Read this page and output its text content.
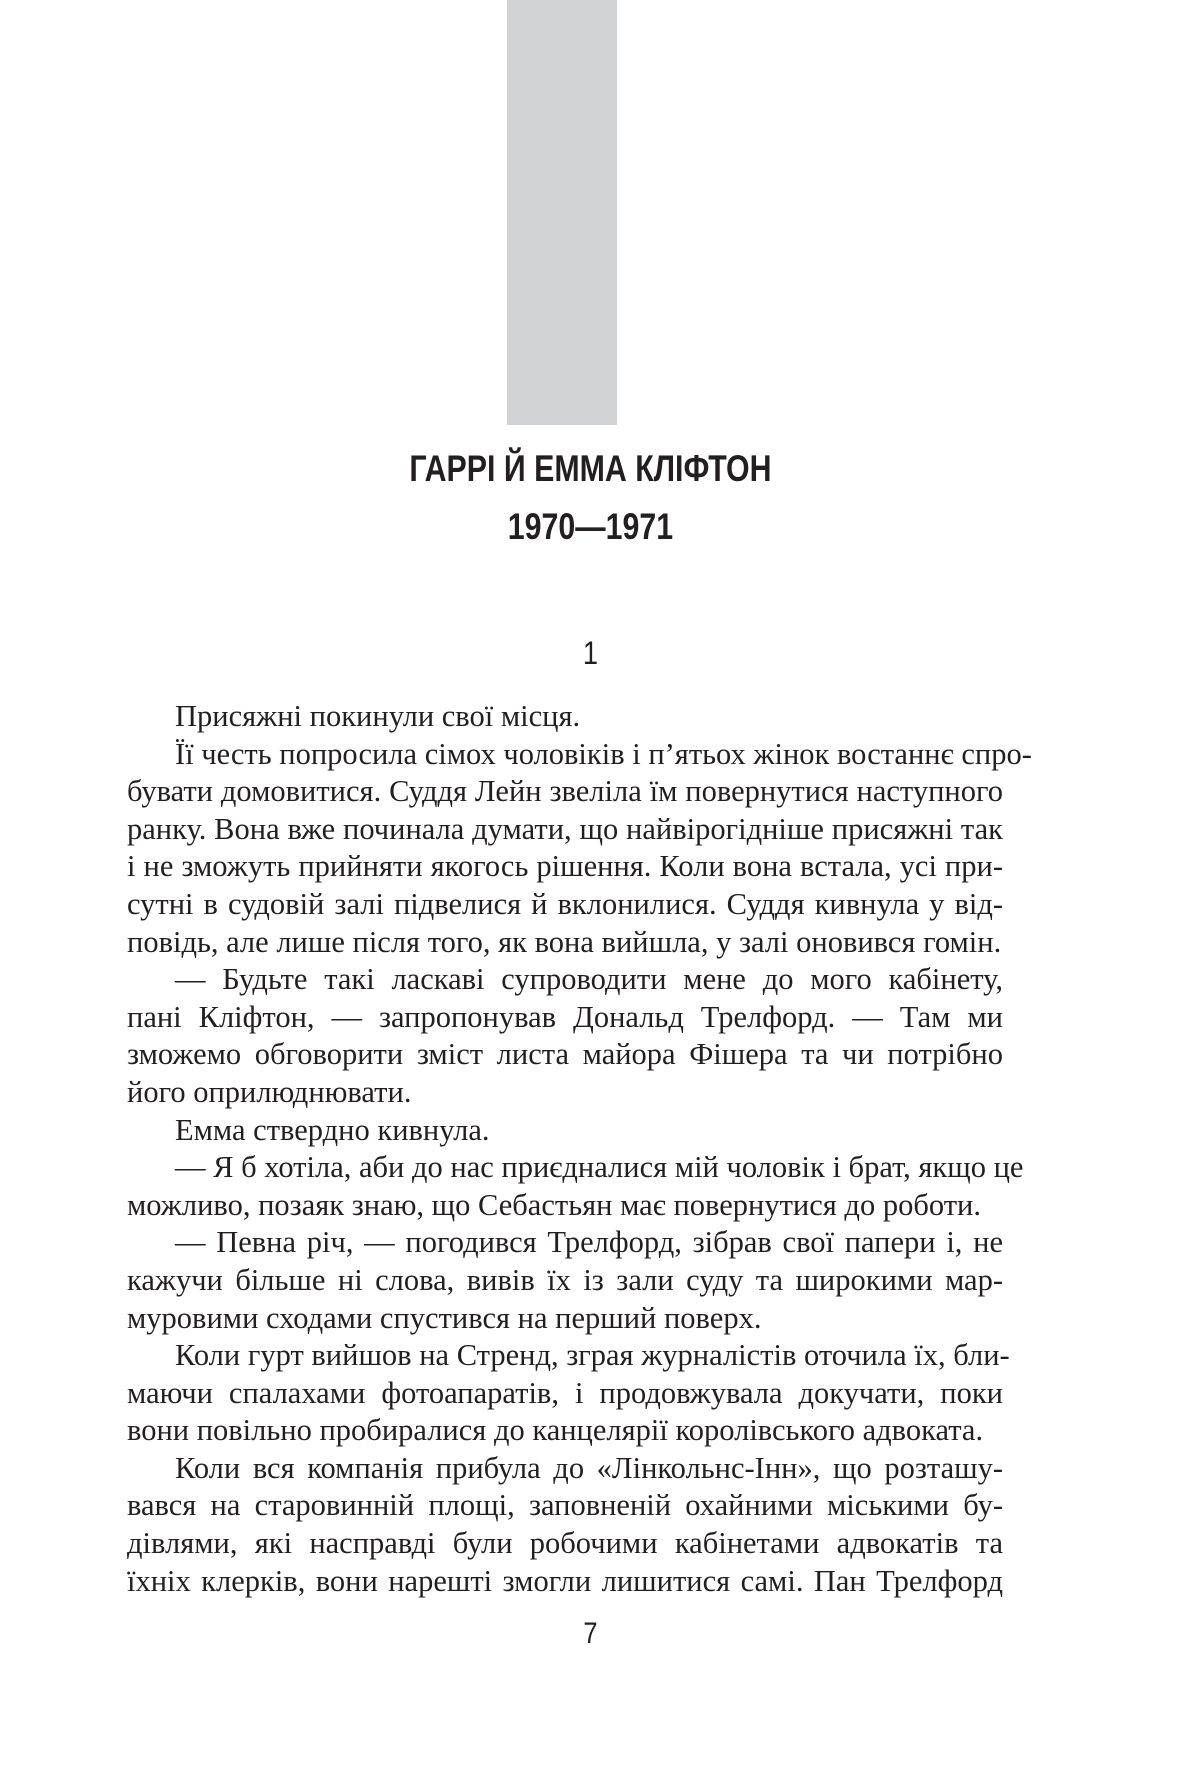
ГАРРІ Й ЕММА КЛІФТОН
1970—1971
1
Присяжні покинули свої місця.
Її честь попросила сімох чоловіків і п’ятьох жінок востаннє спро-
бувати домовитися. Суддя Лейн звеліла їм повернутися наступного
ранку. Вона вже починала думати, що найвірогідніше присяжні так
і не зможуть прийняти якогось рішення. Коли вона встала, усі при-
сутні в судовій залі підвелися й вклонилися. Суддя кивнула у від-
повідь, але лише після того, як вона вийшла, у залі оновився гомін.
— Будьте такі ласкаві супроводити мене до мого кабінету,
пані Кліфтон, — запропонував Дональд Трелфорд. — Там ми
зможемо обговорити зміст листа майора Фішера та чи потрібно
його оприлюднювати.
Емма ствердно кивнула.
— Я б хотіла, аби до нас приєдналися мій чоловік і брат, якщо це
можливо, позаяк знаю, що Себастьян має повернутися до роботи.
— Певна річ, — погодився Трелфорд, зібрав свої папери і, не
кажучи більше ні слова, вивів їх із зали суду та широкими мар-
муровими сходами спустився на перший поверх.
Коли гурт вийшов на Стренд, зграя журналістів оточила їх, бли-
маючи спалахами фотоапаратів, і продовжувала докучати, поки
вони повільно пробиралися до канцелярії королівського адвоката.
Коли вся компанія прибула до «Лінкольнс-Інн», що розташу-
вався на старовинній площі, заповненій охайними міськими бу-
дівлями, які насправді були робочими кабінетами адвокатів та
їхніх клерків, вони нарешті змогли лишитися самі. Пан Трелфорд
7
